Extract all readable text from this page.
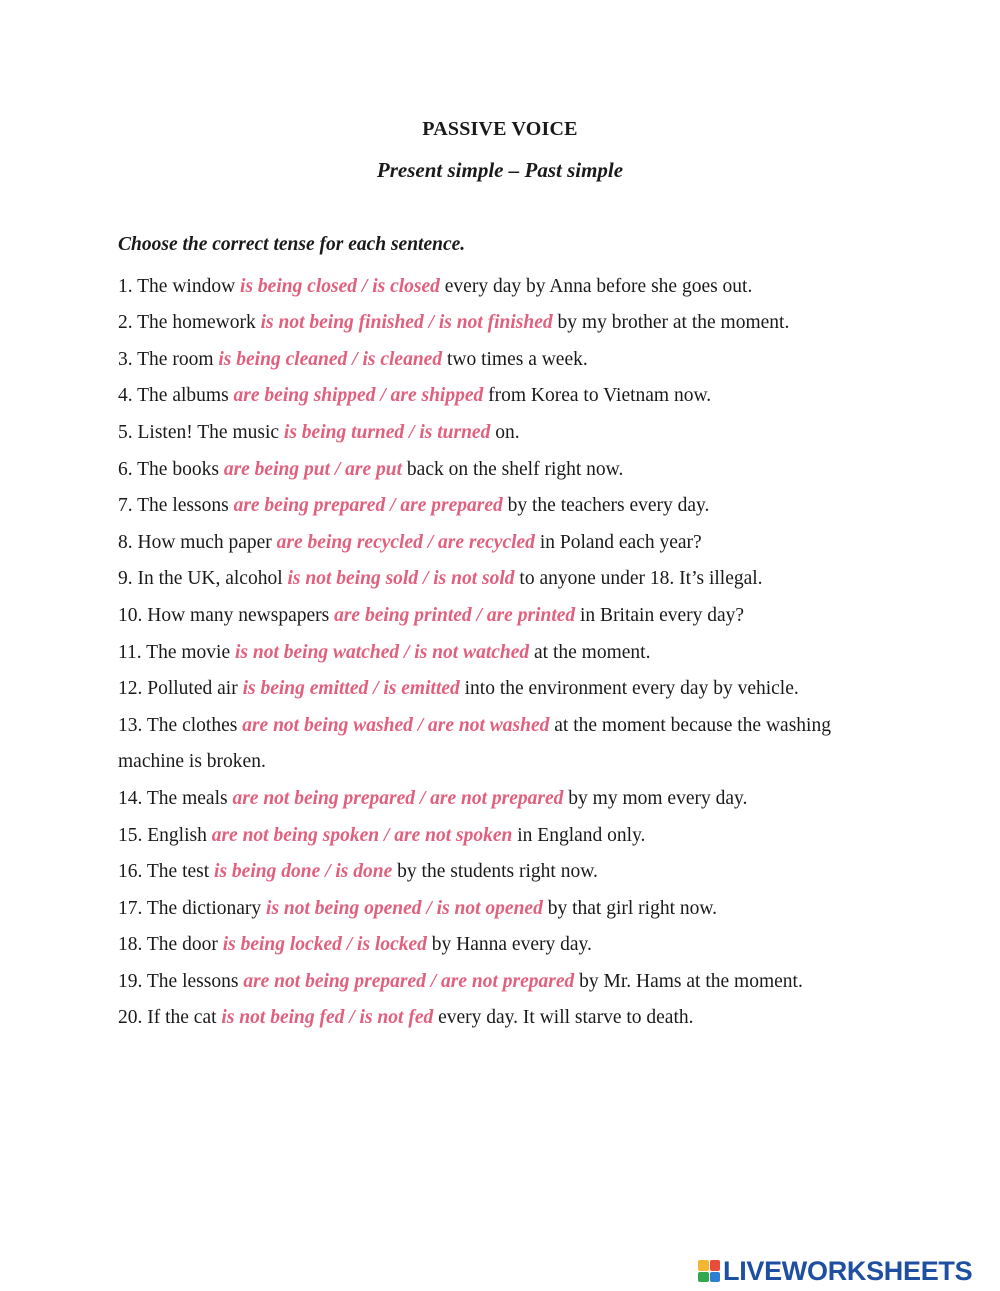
PASSIVE VOICE
Present simple – Past simple
Choose the correct tense for each sentence.
1. The window is being closed / is closed every day by Anna before she goes out.
2. The homework is not being finished / is not finished by my brother at the moment.
3. The room is being cleaned / is cleaned two times a week.
4. The albums are being shipped / are shipped from Korea to Vietnam now.
5. Listen! The music is being turned / is turned on.
6. The books are being put / are put back on the shelf right now.
7. The lessons are being prepared / are prepared by the teachers every day.
8. How much paper are being recycled / are recycled in Poland each year?
9. In the UK, alcohol is not being sold / is not sold to anyone under 18. It’s illegal.
10. How many newspapers are being printed / are printed in Britain every day?
11. The movie is not being watched / is not watched at the moment.
12. Polluted air is being emitted / is emitted into the environment every day by vehicle.
13. The clothes are not being washed / are not washed at the moment because the washing machine is broken.
14. The meals are not being prepared / are not prepared by my mom every day.
15. English are not being spoken / are not spoken in England only.
16. The test is being done / is done by the students right now.
17. The dictionary is not being opened / is not opened by that girl right now.
18. The door is being locked / is locked by Hanna every day.
19. The lessons are not being prepared / are not prepared by Mr. Hams at the moment.
20. If the cat is not being fed / is not fed every day. It will starve to death.
LIVEWORKSHEETS
